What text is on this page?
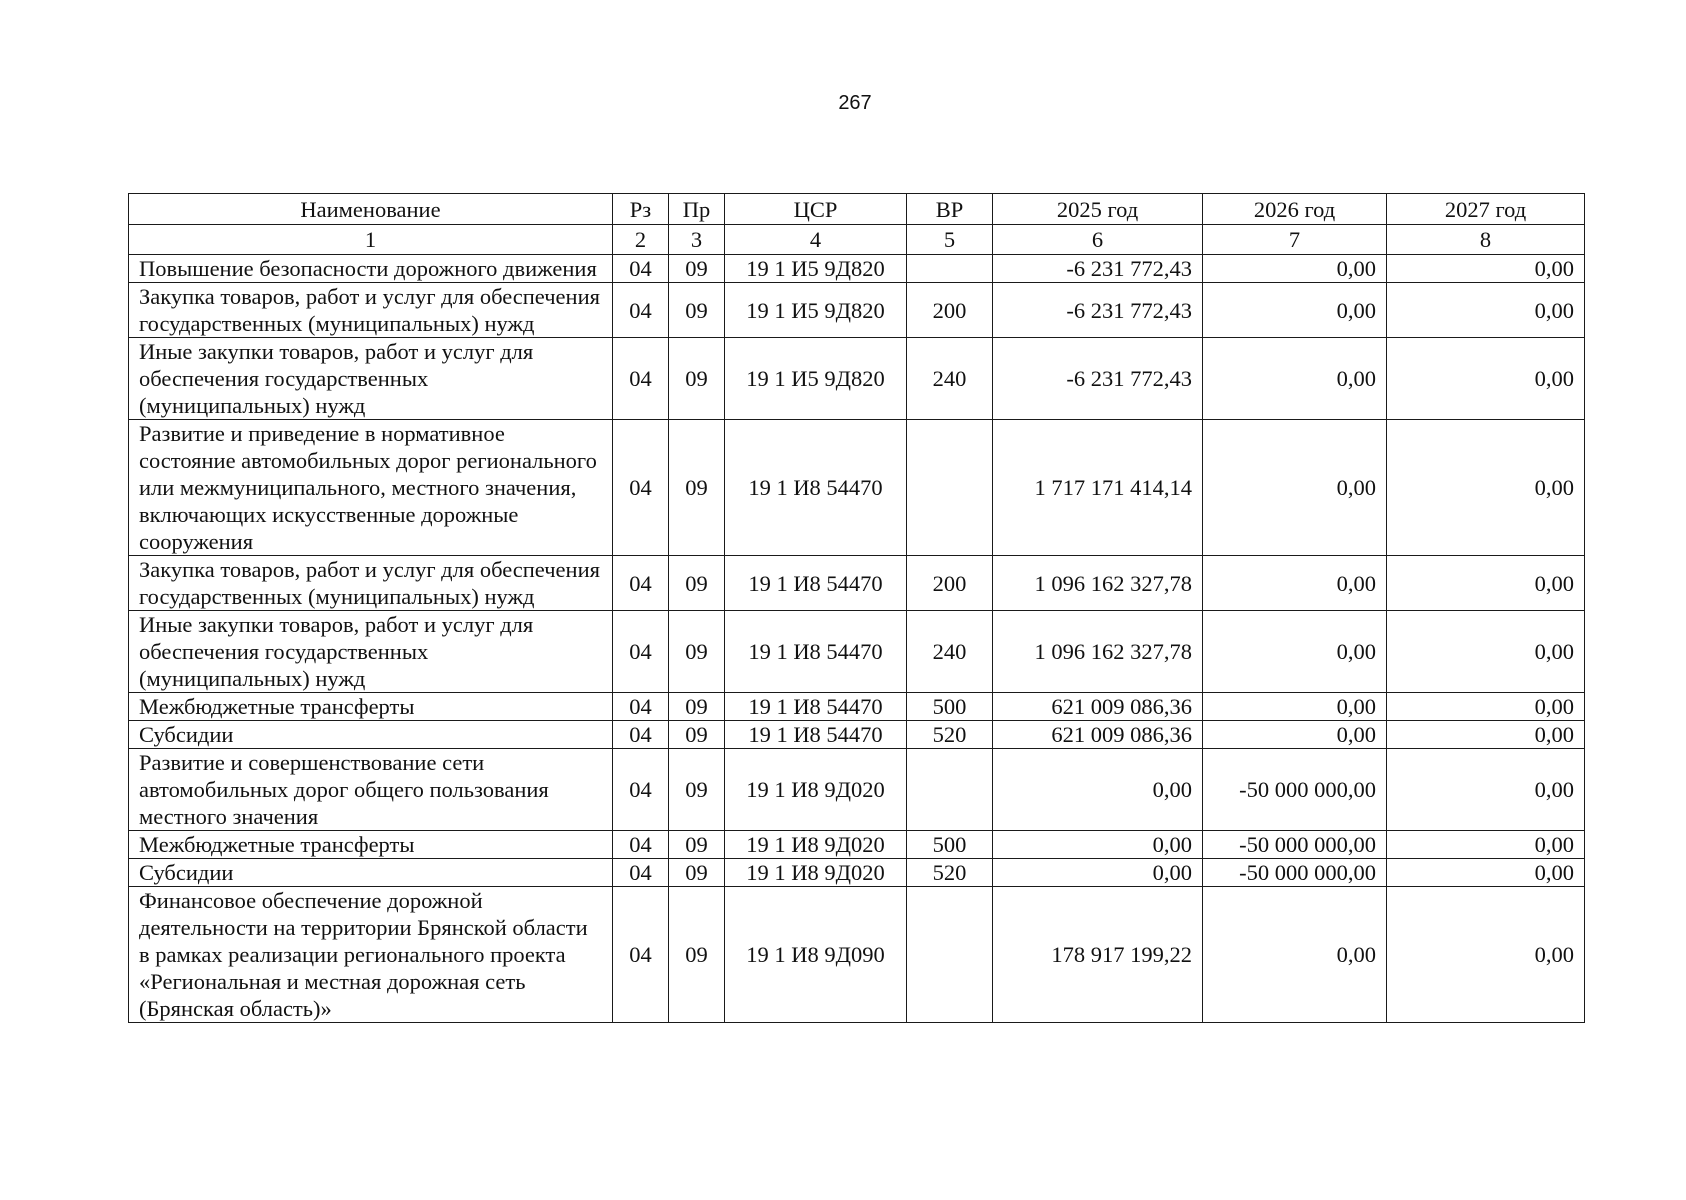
267
Наименование	Рз	Пр	ЦСР	ВР	2025 год	2026 год	2027 год
1	2	3	4	5	6	7	8
Повышение безопасности дорожного движения	04	09	19 1 И5 9Д820		-6 231 772,43	0,00	0,00
Закупка товаров, работ и услуг для обеспечения государственных (муниципальных) нужд	04	09	19 1 И5 9Д820	200	-6 231 772,43	0,00	0,00
Иные закупки товаров, работ и услуг для обеспечения государственных (муниципальных) нужд	04	09	19 1 И5 9Д820	240	-6 231 772,43	0,00	0,00
Развитие и приведение в нормативное состояние автомобильных дорог регионального или межмуниципального, местного значения, включающих искусственные дорожные сооружения	04	09	19 1 И8 54470		1 717 171 414,14	0,00	0,00
Закупка товаров, работ и услуг для обеспечения государственных (муниципальных) нужд	04	09	19 1 И8 54470	200	1 096 162 327,78	0,00	0,00
Иные закупки товаров, работ и услуг для обеспечения государственных (муниципальных) нужд	04	09	19 1 И8 54470	240	1 096 162 327,78	0,00	0,00
Межбюджетные трансферты	04	09	19 1 И8 54470	500	621 009 086,36	0,00	0,00
Субсидии	04	09	19 1 И8 54470	520	621 009 086,36	0,00	0,00
Развитие и совершенствование сети автомобильных дорог общего пользования местного значения	04	09	19 1 И8 9Д020		0,00	-50 000 000,00	0,00
Межбюджетные трансферты	04	09	19 1 И8 9Д020	500	0,00	-50 000 000,00	0,00
Субсидии	04	09	19 1 И8 9Д020	520	0,00	-50 000 000,00	0,00
Финансовое обеспечение дорожной деятельности на территории Брянской области в рамках реализации регионального проекта «Региональная и местная дорожная сеть (Брянская область)»	04	09	19 1 И8 9Д090		178 917 199,22	0,00	0,00
